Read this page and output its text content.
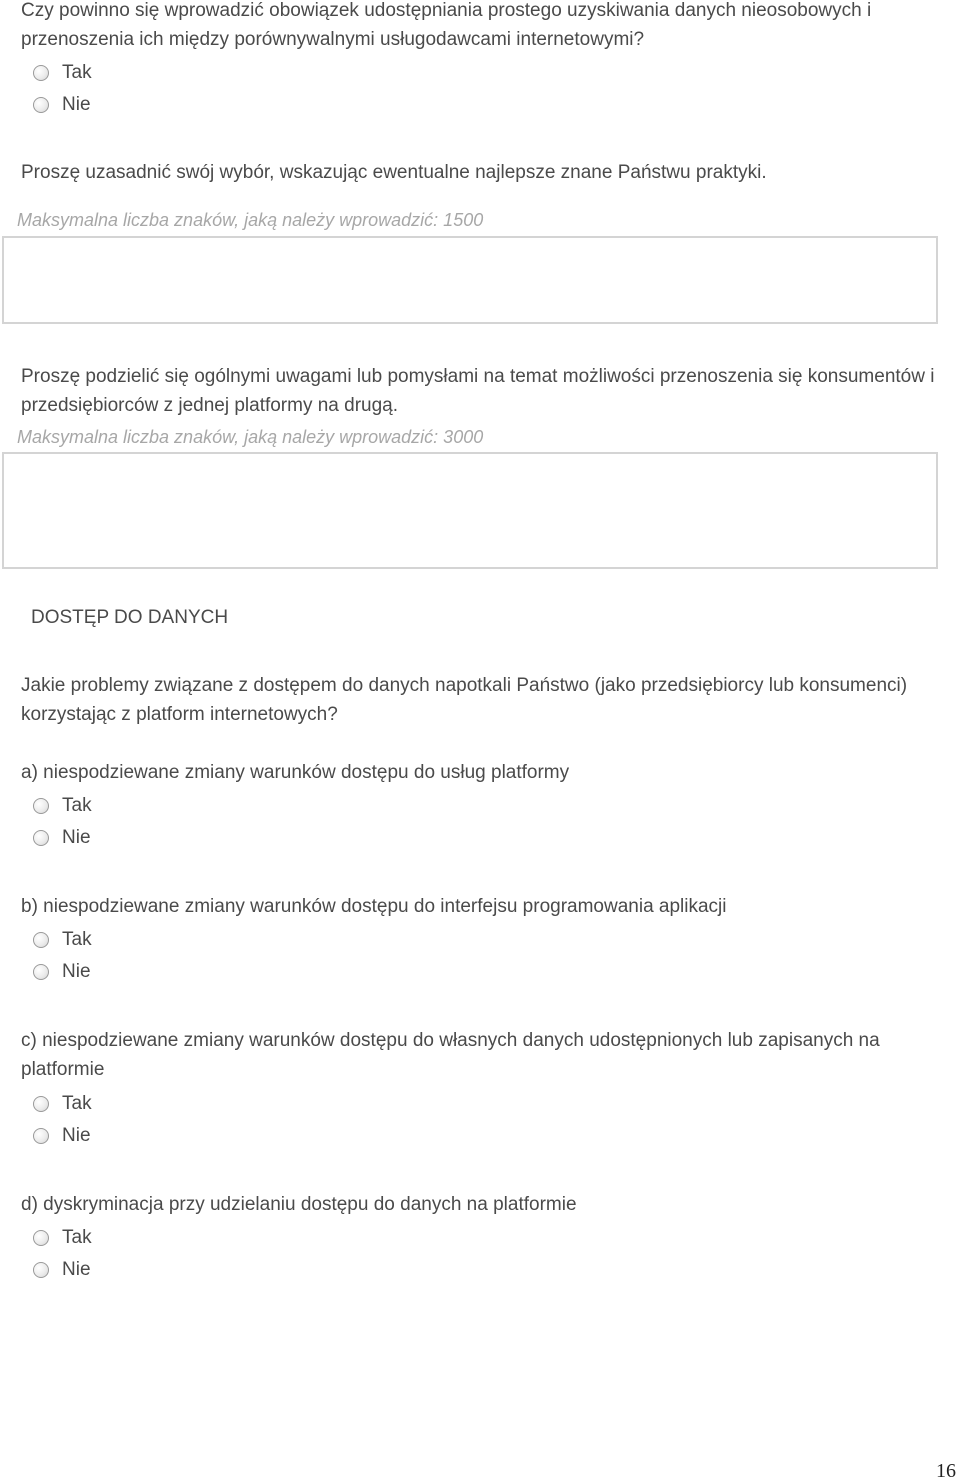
Czy powinno się wprowadzić obowiązek udostępniania prostego uzyskiwania danych nieosobowych i przenoszenia ich między porównywalnymi usługodawcami internetowymi?
Tak
Nie
Proszę uzasadnić swój wybór, wskazując ewentualne najlepsze znane Państwu praktyki.
Maksymalna liczba znaków, jaką należy wprowadzić: 1500
Proszę podzielić się ogólnymi uwagami lub pomysłami na temat możliwości przenoszenia się konsumentów i przedsiębiorców z jednej platformy na drugą.
Maksymalna liczba znaków, jaką należy wprowadzić: 3000
DOSTĘP DO DANYCH
Jakie problemy związane z dostępem do danych napotkali Państwo (jako przedsiębiorcy lub konsumenci) korzystając z platform internetowych?
a) niespodziewane zmiany warunków dostępu do usług platformy
Tak
Nie
b) niespodziewane zmiany warunków dostępu do interfejsu programowania aplikacji
Tak
Nie
c) niespodziewane zmiany warunków dostępu do własnych danych udostępnionych lub zapisanych na platformie
Tak
Nie
d) dyskryminacja przy udzielaniu dostępu do danych na platformie
Tak
Nie
16
